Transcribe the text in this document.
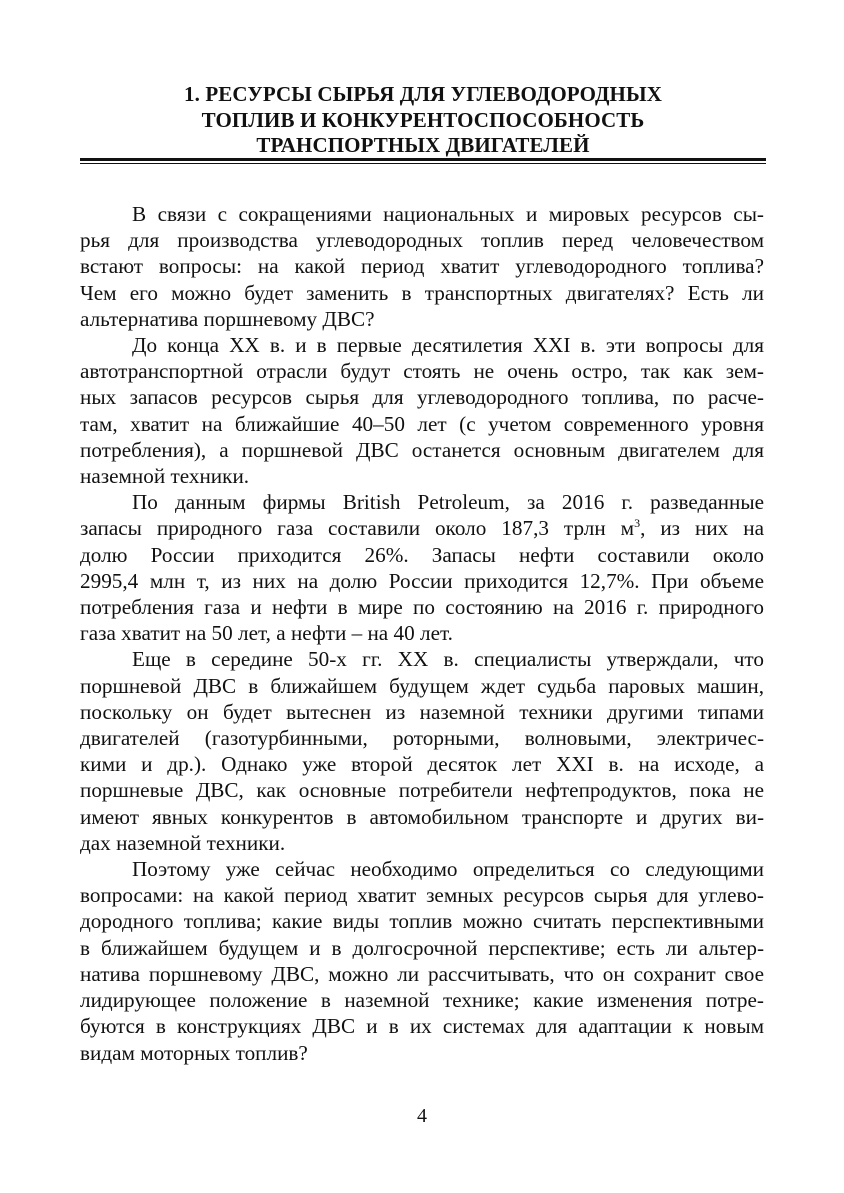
1. РЕСУРСЫ СЫРЬЯ ДЛЯ УГЛЕВОДОРОДНЫХ
ТОПЛИВ И КОНКУРЕНТОСПОСОБНОСТЬ
ТРАНСПОРТНЫХ ДВИГАТЕЛЕЙ

В связи с сокращениями национальных и мировых ресурсов сы-
рья для производства углеводородных топлив перед человечеством
встают вопросы: на какой период хватит углеводородного топлива?
Чем его можно будет заменить в транспортных двигателях? Есть ли
альтернатива поршневому ДВС?

До конца XX в. и в первые десятилетия XXI в. эти вопросы для
автотранспортной отрасли будут стоять не очень остро, так как зем-
ных запасов ресурсов сырья для углеводородного топлива, по расче-
там, хватит на ближайшие 40–50 лет (с учетом современного уровня
потребления), а поршневой ДВС останется основным двигателем для
наземной техники.

По данным фирмы British Petroleum, за 2016 г. разведанные
запасы природного газа составили около 187,3 трлн $м^3$, из них на
долю России приходится 26%. Запасы нефти составили около
2995,4 млн т, из них на долю России приходится 12,7%. При объеме
потребления газа и нефти в мире по состоянию на 2016 г. природного
газа хватит на 50 лет, а нефти – на 40 лет.

Еще в середине 50-х гг. XX в. специалисты утверждали, что
поршневой ДВС в ближайшем будущем ждет судьба паровых машин,
поскольку он будет вытеснен из наземной техники другими типами
двигателей (газотурбинными, роторными, волновыми, электричес-
кими и др.). Однако уже второй десяток лет XXI в. на исходе, а
поршневые ДВС, как основные потребители нефтепродуктов, пока не
имеют явных конкурентов в автомобильном транспорте и других ви-
дах наземной техники.

Поэтому уже сейчас необходимо определиться со следующими
вопросами: на какой период хватит земных ресурсов сырья для углево-
дородного топлива; какие виды топлив можно считать перспективными
в ближайшем будущем и в долгосрочной перспективе; есть ли альтер-
натива поршневому ДВС, можно ли рассчитывать, что он сохранит свое
лидирующее положение в наземной технике; какие изменения потре-
буются в конструкциях ДВС и в их системах для адаптации к новым
видам моторных топлив?

4
